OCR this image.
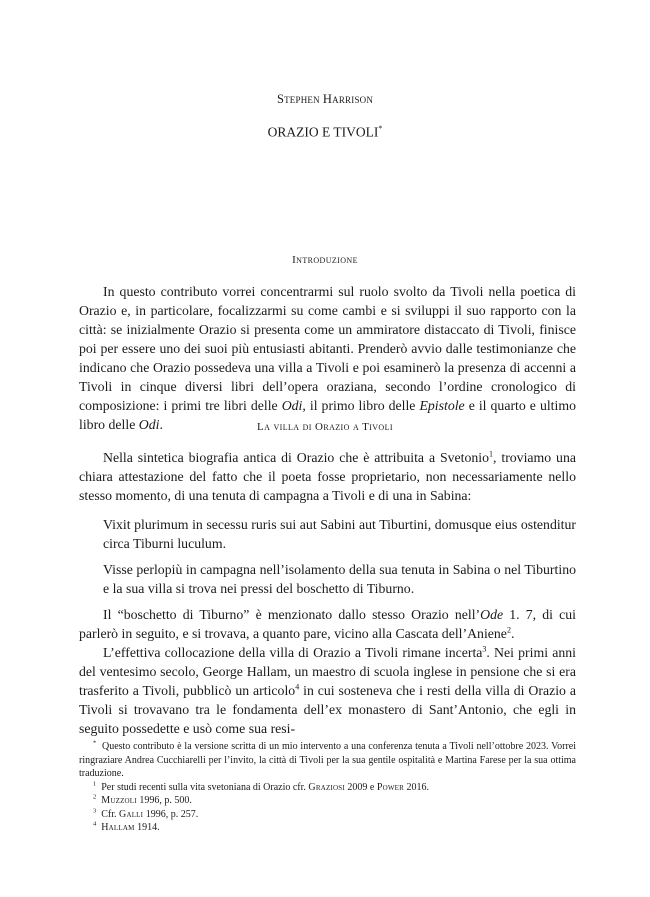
Stephen Harrison

ORAZIO E TIVOLI*
Introduzione

In questo contributo vorrei concentrarmi sul ruolo svolto da Tivoli nella poetica di Orazio e, in particolare, focalizzarmi su come cambi e si sviluppi il suo rapporto con la città: se inizialmente Orazio si presenta come un ammiratore distaccato di Tivoli, finisce poi per essere uno dei suoi più entusiasti abitanti. Prenderò avvio dalle testimonianze che indicano che Orazio possedeva una villa a Tivoli e poi esaminerò la presenza di accenni a Tivoli in cinque diversi libri dell’opera oraziana, secondo l’ordine cronologico di composizione: i primi tre libri delle Odi, il primo libro delle Epistole e il quarto e ultimo libro delle Odi.	La villa di Orazio a Tivoli

Nella sintetica biografia antica di Orazio che è attribuita a Svetonio$^1$, troviamo una chiara attestazione del fatto che il poeta fosse proprietario, non necessariamente nello stesso momento, di una tenuta di campagna a Tivoli e di una in Sabina:

Vixit plurimum in secessu ruris sui aut Sabini aut Tiburtini, domusque eius ostenditur circa Tiburni luculum.

Visse perlopiù in campagna nell’isolamento della sua tenuta in Sabina o nel Tiburtino e la sua villa si trova nei pressi del boschetto di Tiburno.

Il “boschetto di Tiburno” è menzionato dallo stesso Orazio nell’Ode 1. 7, di cui parlerò in seguito, e si trovava, a quanto pare, vicino alla Cascata dell’Aniene$^2$.

L’effettiva collocazione della villa di Orazio a Tivoli rimane incerta$^3$. Nei primi anni del ventesimo secolo, George Hallam, un maestro di scuola inglese in pensione che si era trasferito a Tivoli, pubblicò un articolo$^4$ in cui sosteneva che i resti della villa di Orazio a Tivoli si trovavano tra le fondamenta dell’ex monastero di Sant’Antonio, che egli in seguito possedette e usò come sua resi-

* Questo contributo è la versione scritta di un mio intervento a una conferenza tenuta a Tivoli nell’ottobre 2023. Vorrei ringraziare Andrea Cucchiarelli per l’invito, la città di Tivoli per la sua gentile ospitalità e Martina Farese per la sua ottima traduzione.

$^1$ Per studi recenti sulla vita svetoniana di Orazio cfr. Graziosi 2009 e Power 2016.

$^2$ Muzzoli 1996, p. 500.

$^3$ Cfr. Galli 1996, p. 257.

$^4$ Hallam 1914.
